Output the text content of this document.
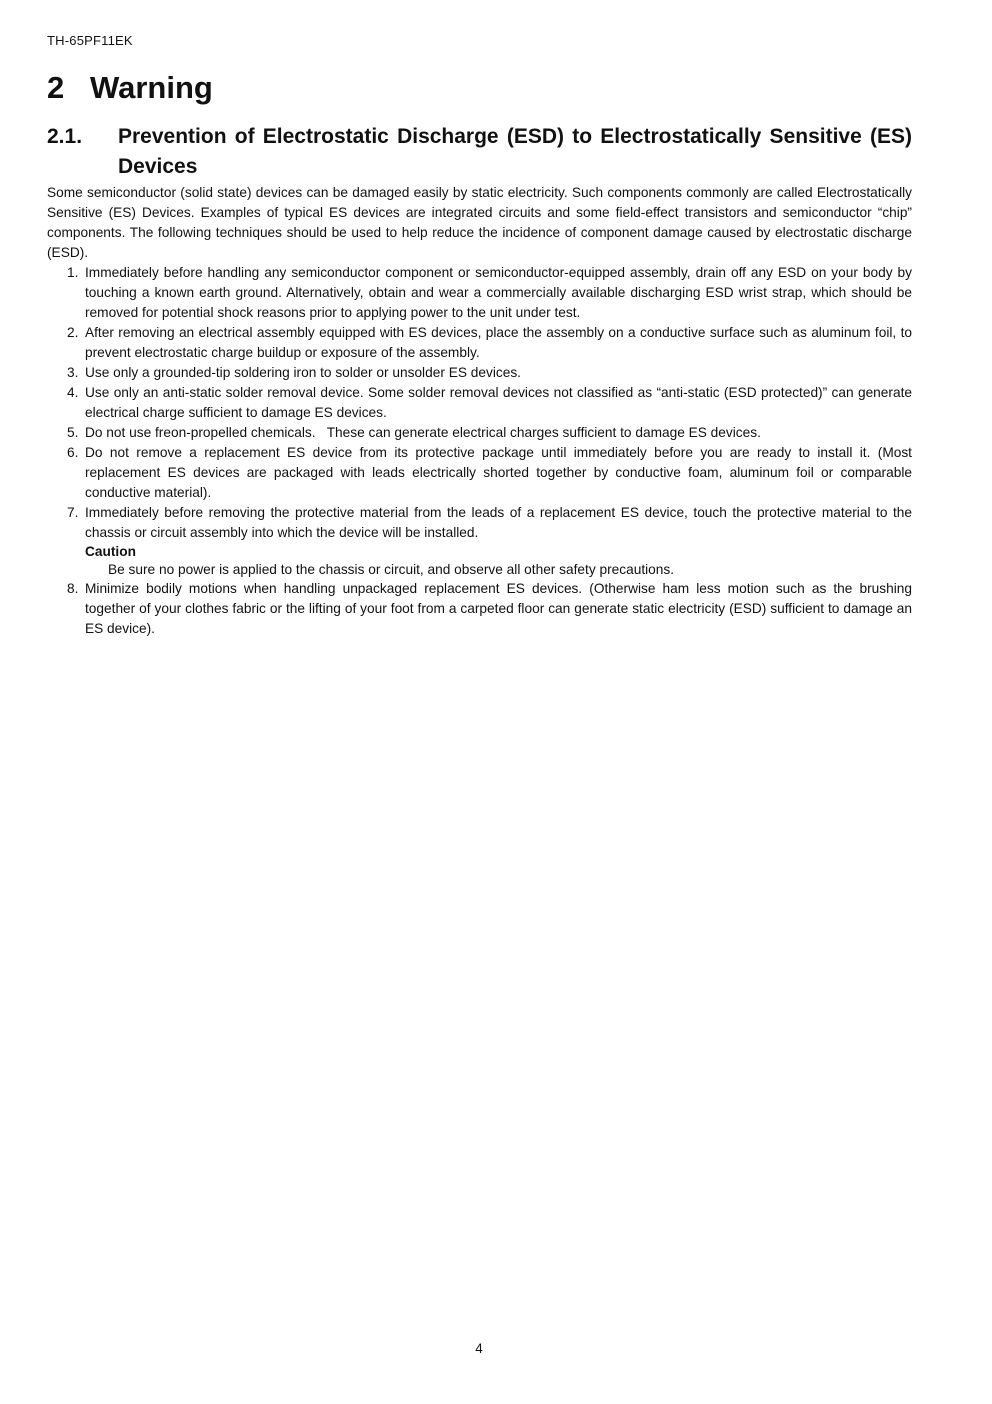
TH-65PF11EK
2 Warning
2.1. Prevention of Electrostatic Discharge (ESD) to Electrostatically Sensitive (ES) Devices

Some semiconductor (solid state) devices can be damaged easily by static electricity. Such components commonly are called Electrostatically Sensitive (ES) Devices. Examples of typical ES devices are integrated circuits and some field-effect transistors and semiconductor “chip” components. The following techniques should be used to help reduce the incidence of component damage caused by electrostatic discharge (ESD).

1. Immediately before handling any semiconductor component or semiconductor-equipped assembly, drain off any ESD on your body by touching a known earth ground. Alternatively, obtain and wear a commercially available discharging ESD wrist strap, which should be removed for potential shock reasons prior to applying power to the unit under test.
2. After removing an electrical assembly equipped with ES devices, place the assembly on a conductive surface such as aluminum foil, to prevent electrostatic charge buildup or exposure of the assembly.
3. Use only a grounded-tip soldering iron to solder or unsolder ES devices.
4. Use only an anti-static solder removal device. Some solder removal devices not classified as “anti-static (ESD protected)” can generate electrical charge sufficient to damage ES devices.
5. Do not use freon-propelled chemicals.   These can generate electrical charges sufficient to damage ES devices.
6. Do not remove a replacement ES device from its protective package until immediately before you are ready to install it. (Most replacement ES devices are packaged with leads electrically shorted together by conductive foam, aluminum foil or comparable conductive material).
7. Immediately before removing the protective material from the leads of a replacement ES device, touch the protective material to the chassis or circuit assembly into which the device will be installed.
Caution
Be sure no power is applied to the chassis or circuit, and observe all other safety precautions.
8. Minimize bodily motions when handling unpackaged replacement ES devices. (Otherwise ham less motion such as the brushing together of your clothes fabric or the lifting of your foot from a carpeted floor can generate static electricity (ESD) sufficient to damage an ES device).
4
